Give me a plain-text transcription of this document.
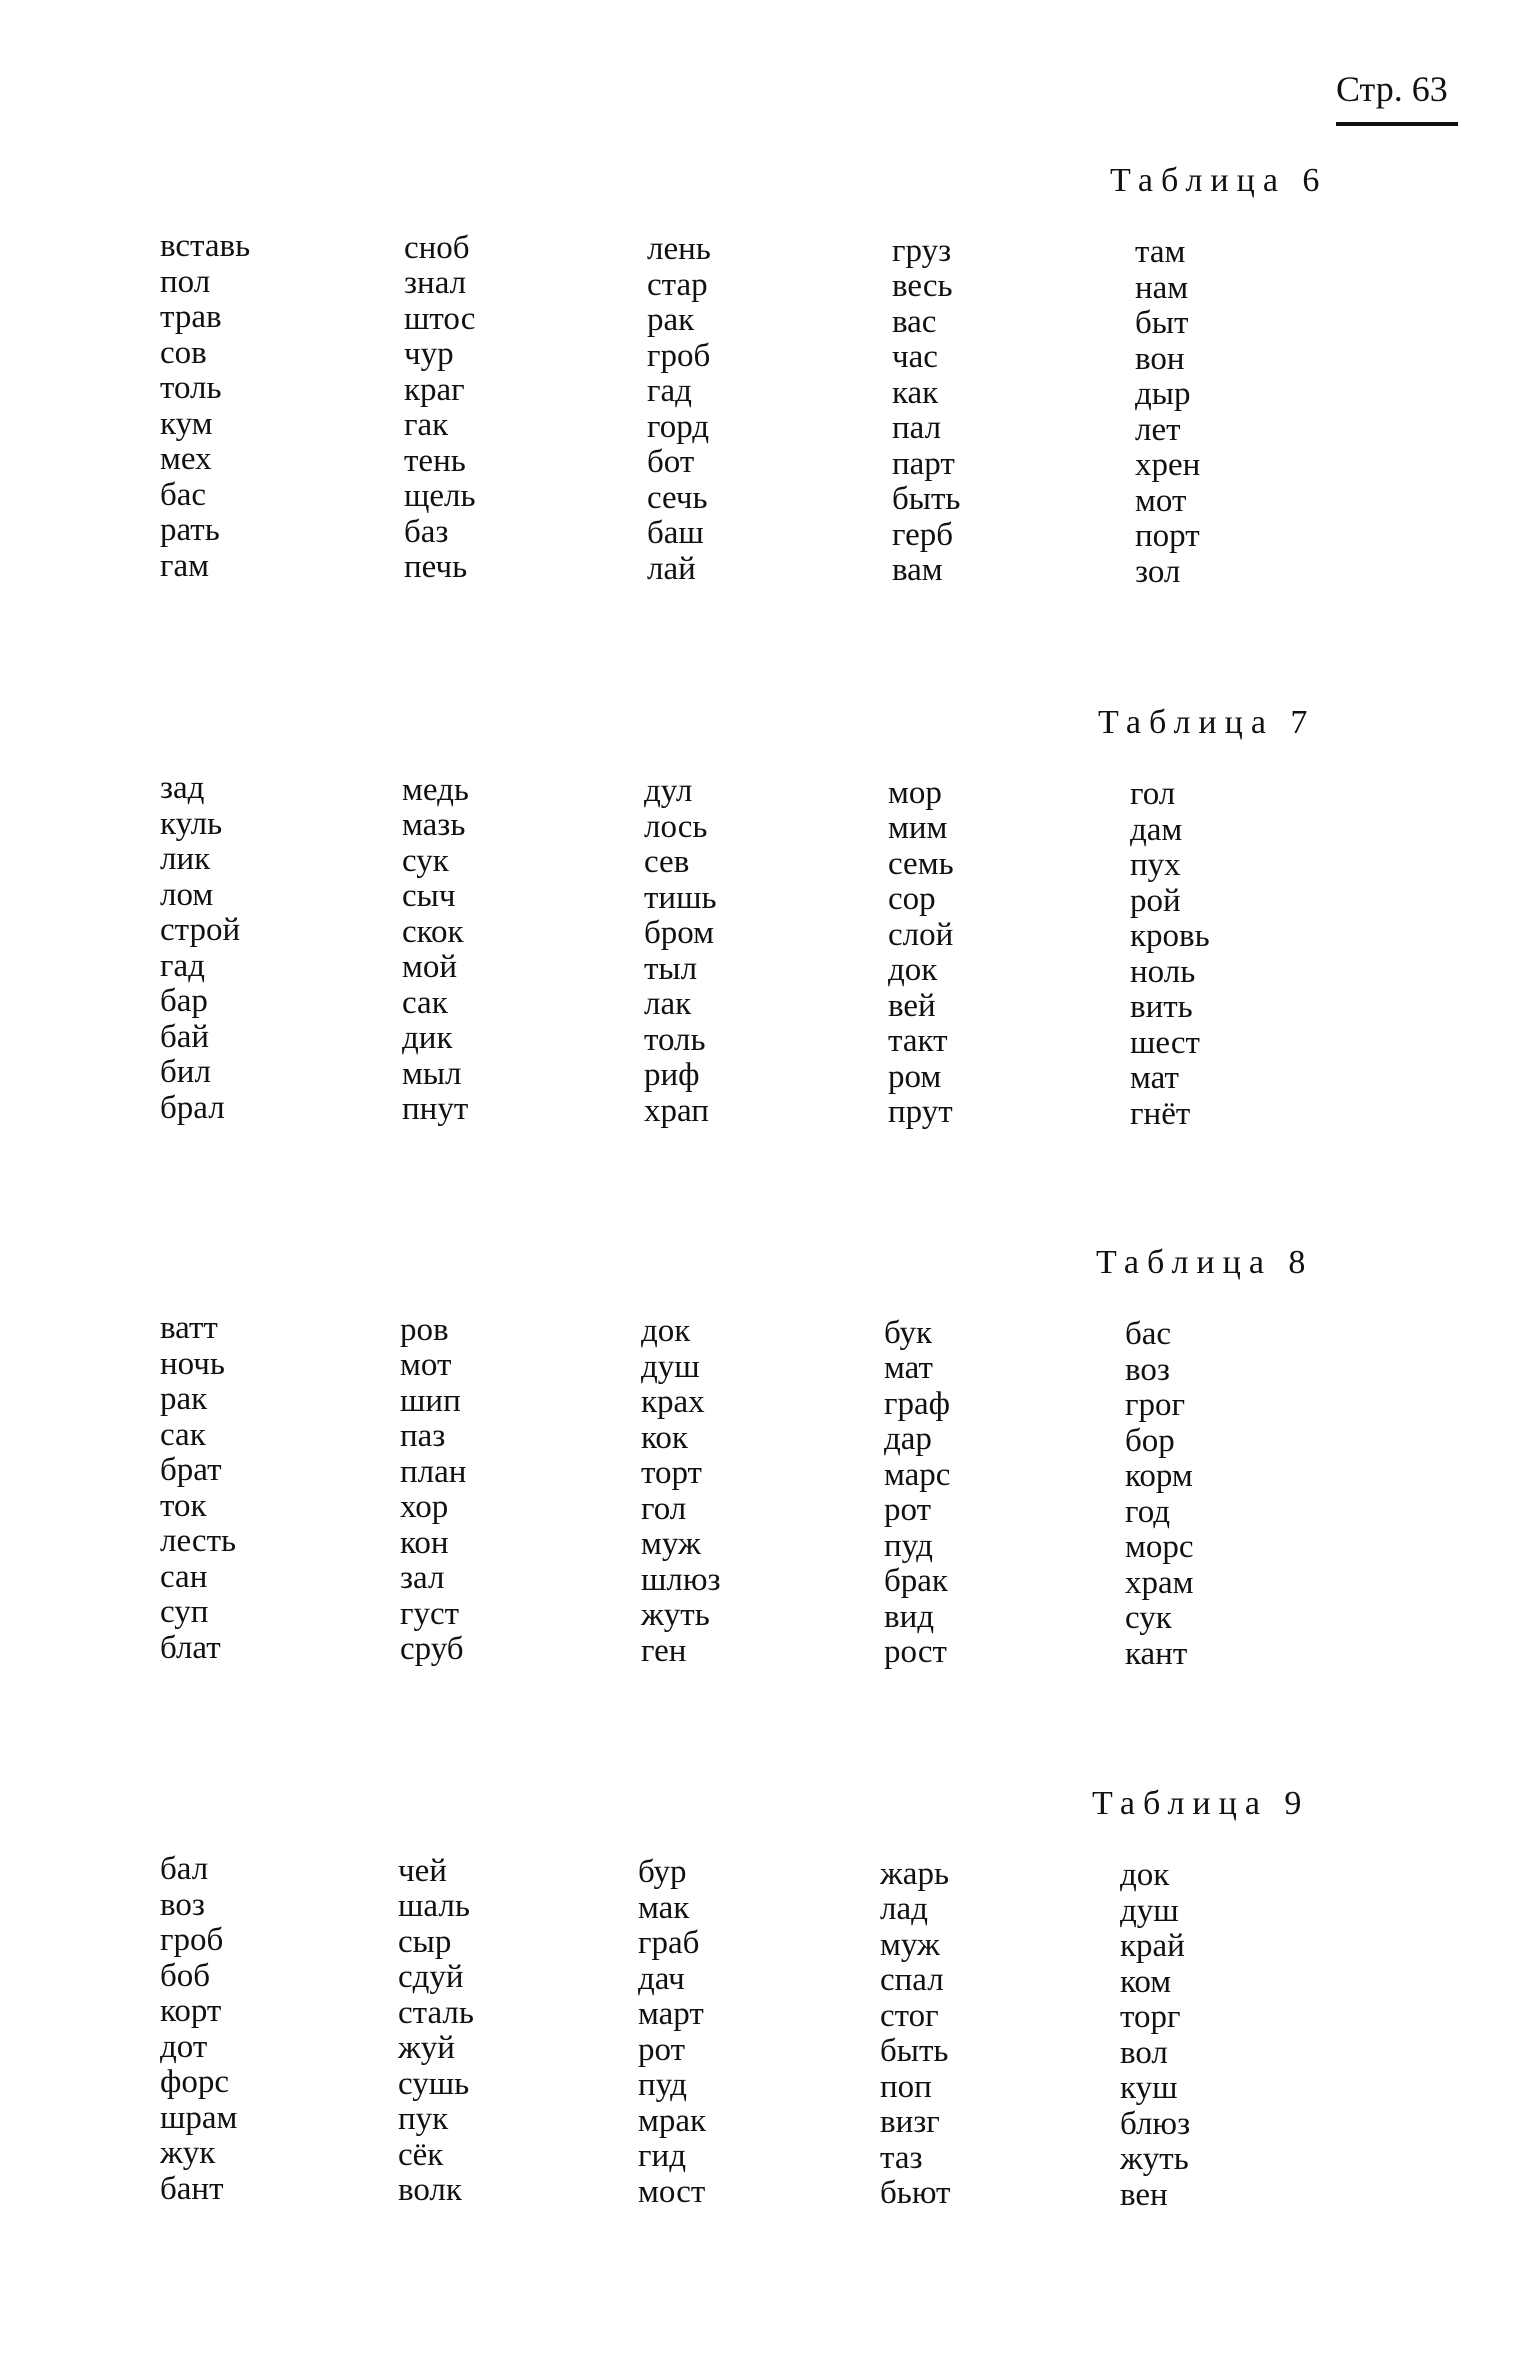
Стр. 63
Таблица 6
вставь
пол
трав
сов
толь
кум
мех
бас
рать
гам
сноб
знал
штос
чур
краг
гак
тень
щель
баз
печь
лень
стар
рак
гроб
гад
горд
бот
сечь
баш
лай
груз
весь
вас
час
как
пал
парт
быть
герб
вам
там
нам
быт
вон
дыр
лет
хрен
мот
порт
зол
Таблица 7
зад
куль
лик
лом
строй
гад
бар
бай
бил
брал
медь
мазь
сук
сыч
скок
мой
сак
дик
мыл
пнут
дул
лось
сев
тишь
бром
тыл
лак
толь
риф
храп
мор
мим
семь
сор
слой
док
вей
такт
ром
прут
гол
дам
пух
рой
кровь
ноль
вить
шест
мат
гнёт
Таблица 8
ватт
ночь
рак
сак
брат
ток
лесть
сан
суп
блат
ров
мот
шип
паз
план
хор
кон
зал
густ
сруб
док
душ
крах
кок
торт
гол
муж
шлюз
жуть
ген
бук
мат
граф
дар
марс
рот
пуд
брак
вид
рост
бас
воз
грог
бор
корм
год
морс
храм
сук
кант
Таблица 9
бал
воз
гроб
боб
корт
дот
форс
шрам
жук
бант
чей
шаль
сыр
сдуй
сталь
жуй
сушь
пук
сёк
волк
бур
мак
граб
дач
март
рот
пуд
мрак
гид
мост
жарь
лад
муж
спал
стог
быть
поп
визг
таз
бьют
док
душ
край
ком
торг
вол
куш
блюз
жуть
вен
